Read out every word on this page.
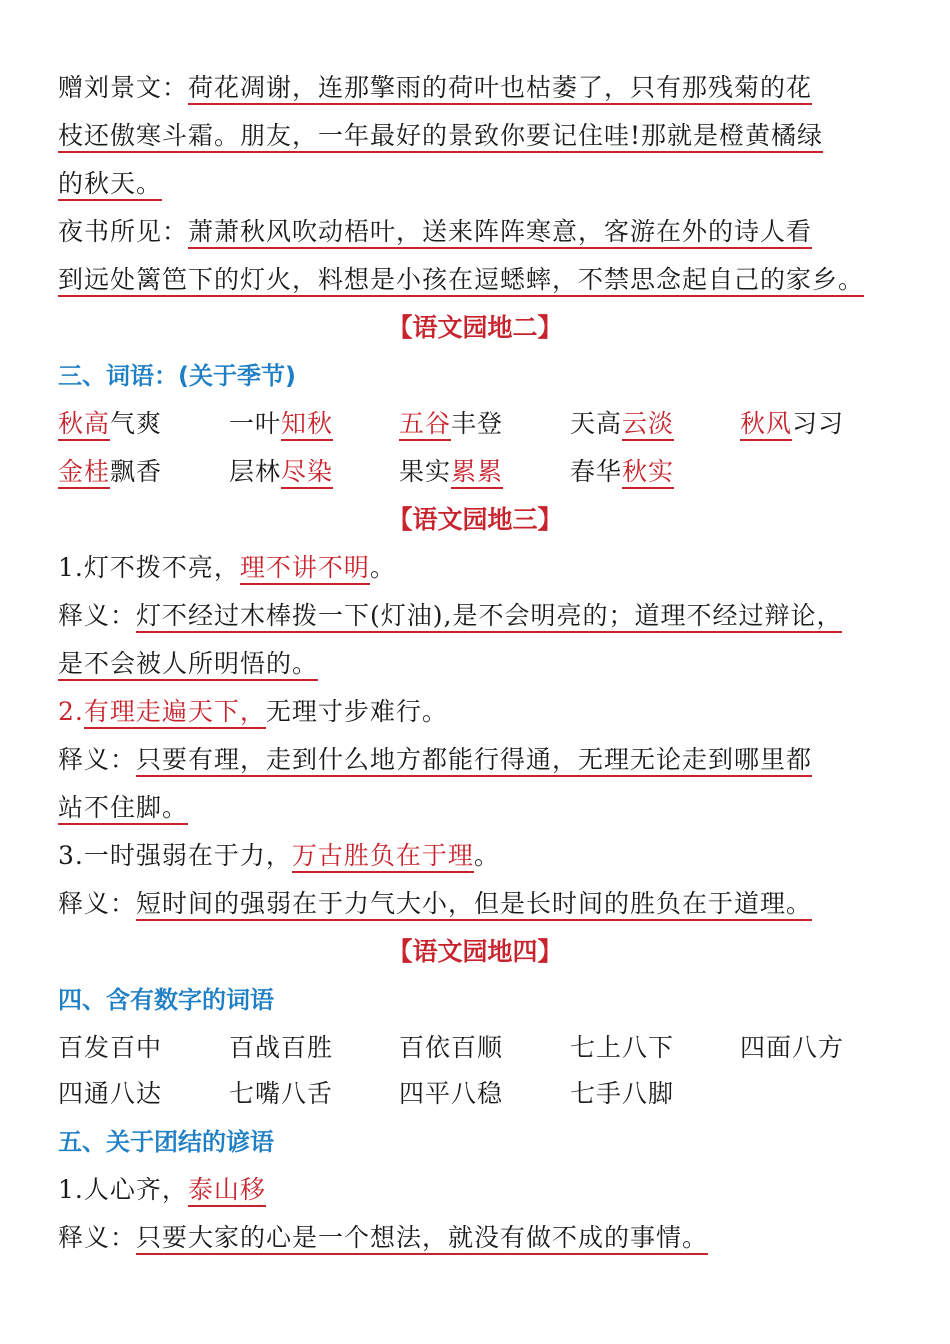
赠刘景文：荷花凋谢，连那擎雨的荷叶也枯萎了，只有那残菊的花
枝还傲寒斗霜。朋友，一年最好的景致你要记住哇!那就是橙黄橘绿
的秋天。
夜书所见：萧萧秋风吹动梧叶，送来阵阵寒意，客游在外的诗人看
到远处篱笆下的灯火，料想是小孩在逗蟋蟀，不禁思念起自己的家乡。
【语文园地二】
三、词语：(关于季节)
秋高气爽	一叶知秋	五谷丰登	天高云淡	秋风习习
金桂飘香	层林尽染	果实累累	春华秋实
【语文园地三】
1.灯不拨不亮，理不讲不明。
释义：灯不经过木棒拨一下(灯油),是不会明亮的；道理不经过辩论，
是不会被人所明悟的。
2.有理走遍天下，无理寸步难行。
释义：只要有理，走到什么地方都能行得通，无理无论走到哪里都
站不住脚。
3.一时强弱在于力，万古胜负在于理。
释义：短时间的强弱在于力气大小，但是长时间的胜负在于道理。
【语文园地四】
四、含有数字的词语
百发百中	百战百胜	百依百顺	七上八下	四面八方
四通八达	七嘴八舌	四平八稳	七手八脚
五、关于团结的谚语
1.人心齐，泰山移
释义：只要大家的心是一个想法，就没有做不成的事情。
